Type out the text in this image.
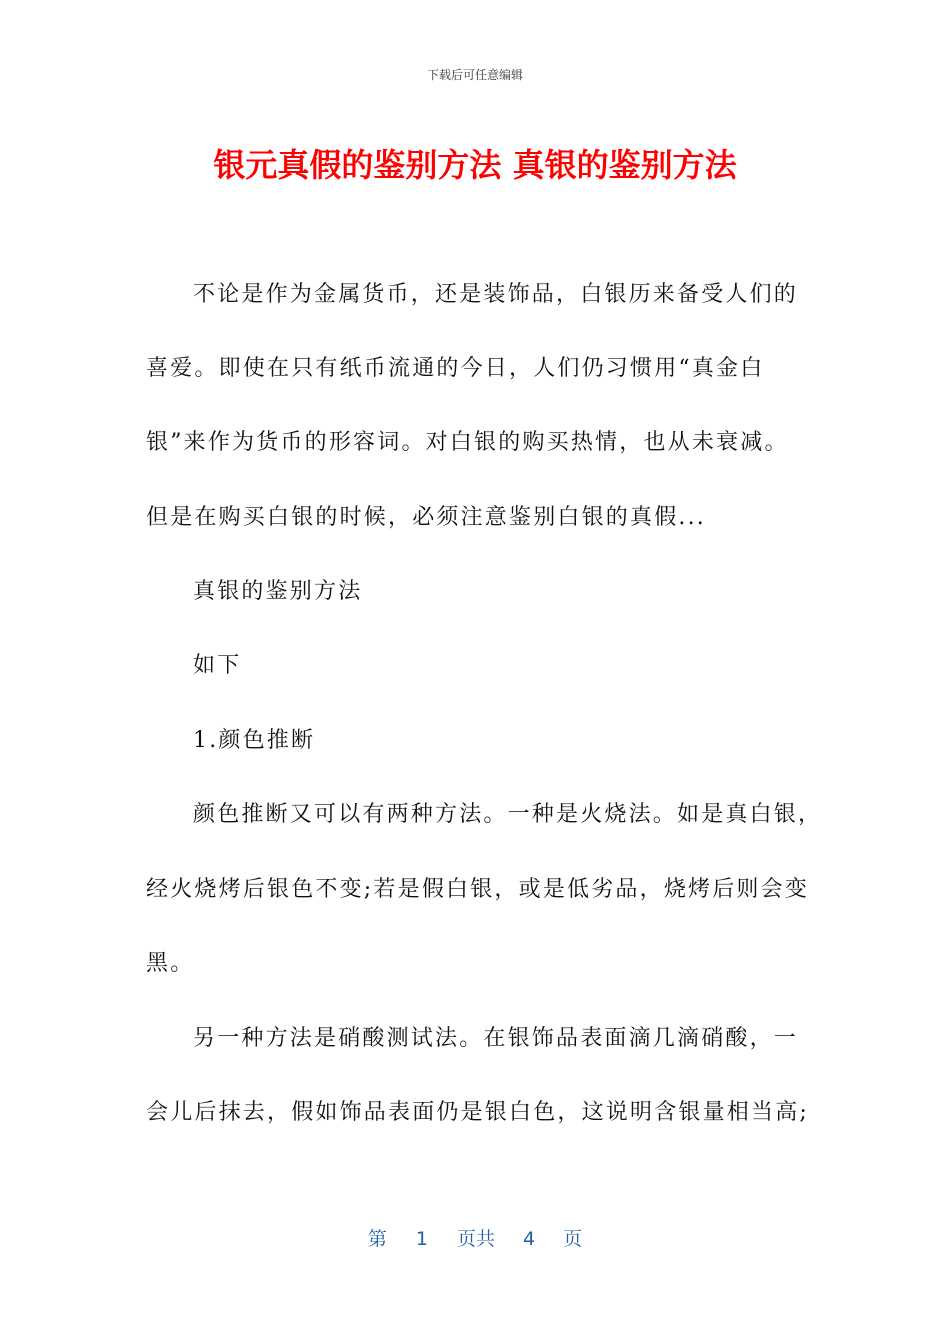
下载后可任意编辑
银元真假的鉴别方法 真银的鉴别方法
不论是作为金属货币，还是装饰品，白银历来备受人们的
喜爱。即使在只有纸币流通的今日，人们仍习惯用“真金白
银”来作为货币的形容词。对白银的购买热情，也从未衰减。
但是在购买白银的时候，必须注意鉴别白银的真假...
真银的鉴别方法
如下
1.颜色推断
颜色推断又可以有两种方法。一种是火烧法。如是真白银，
经火烧烤后银色不变;若是假白银，或是低劣品，烧烤后则会变
黑。
另一种方法是硝酸测试法。在银饰品表面滴几滴硝酸，一
会儿后抹去，假如饰品表面仍是银白色，这说明含银量相当高;
第 1 页共 4 页
